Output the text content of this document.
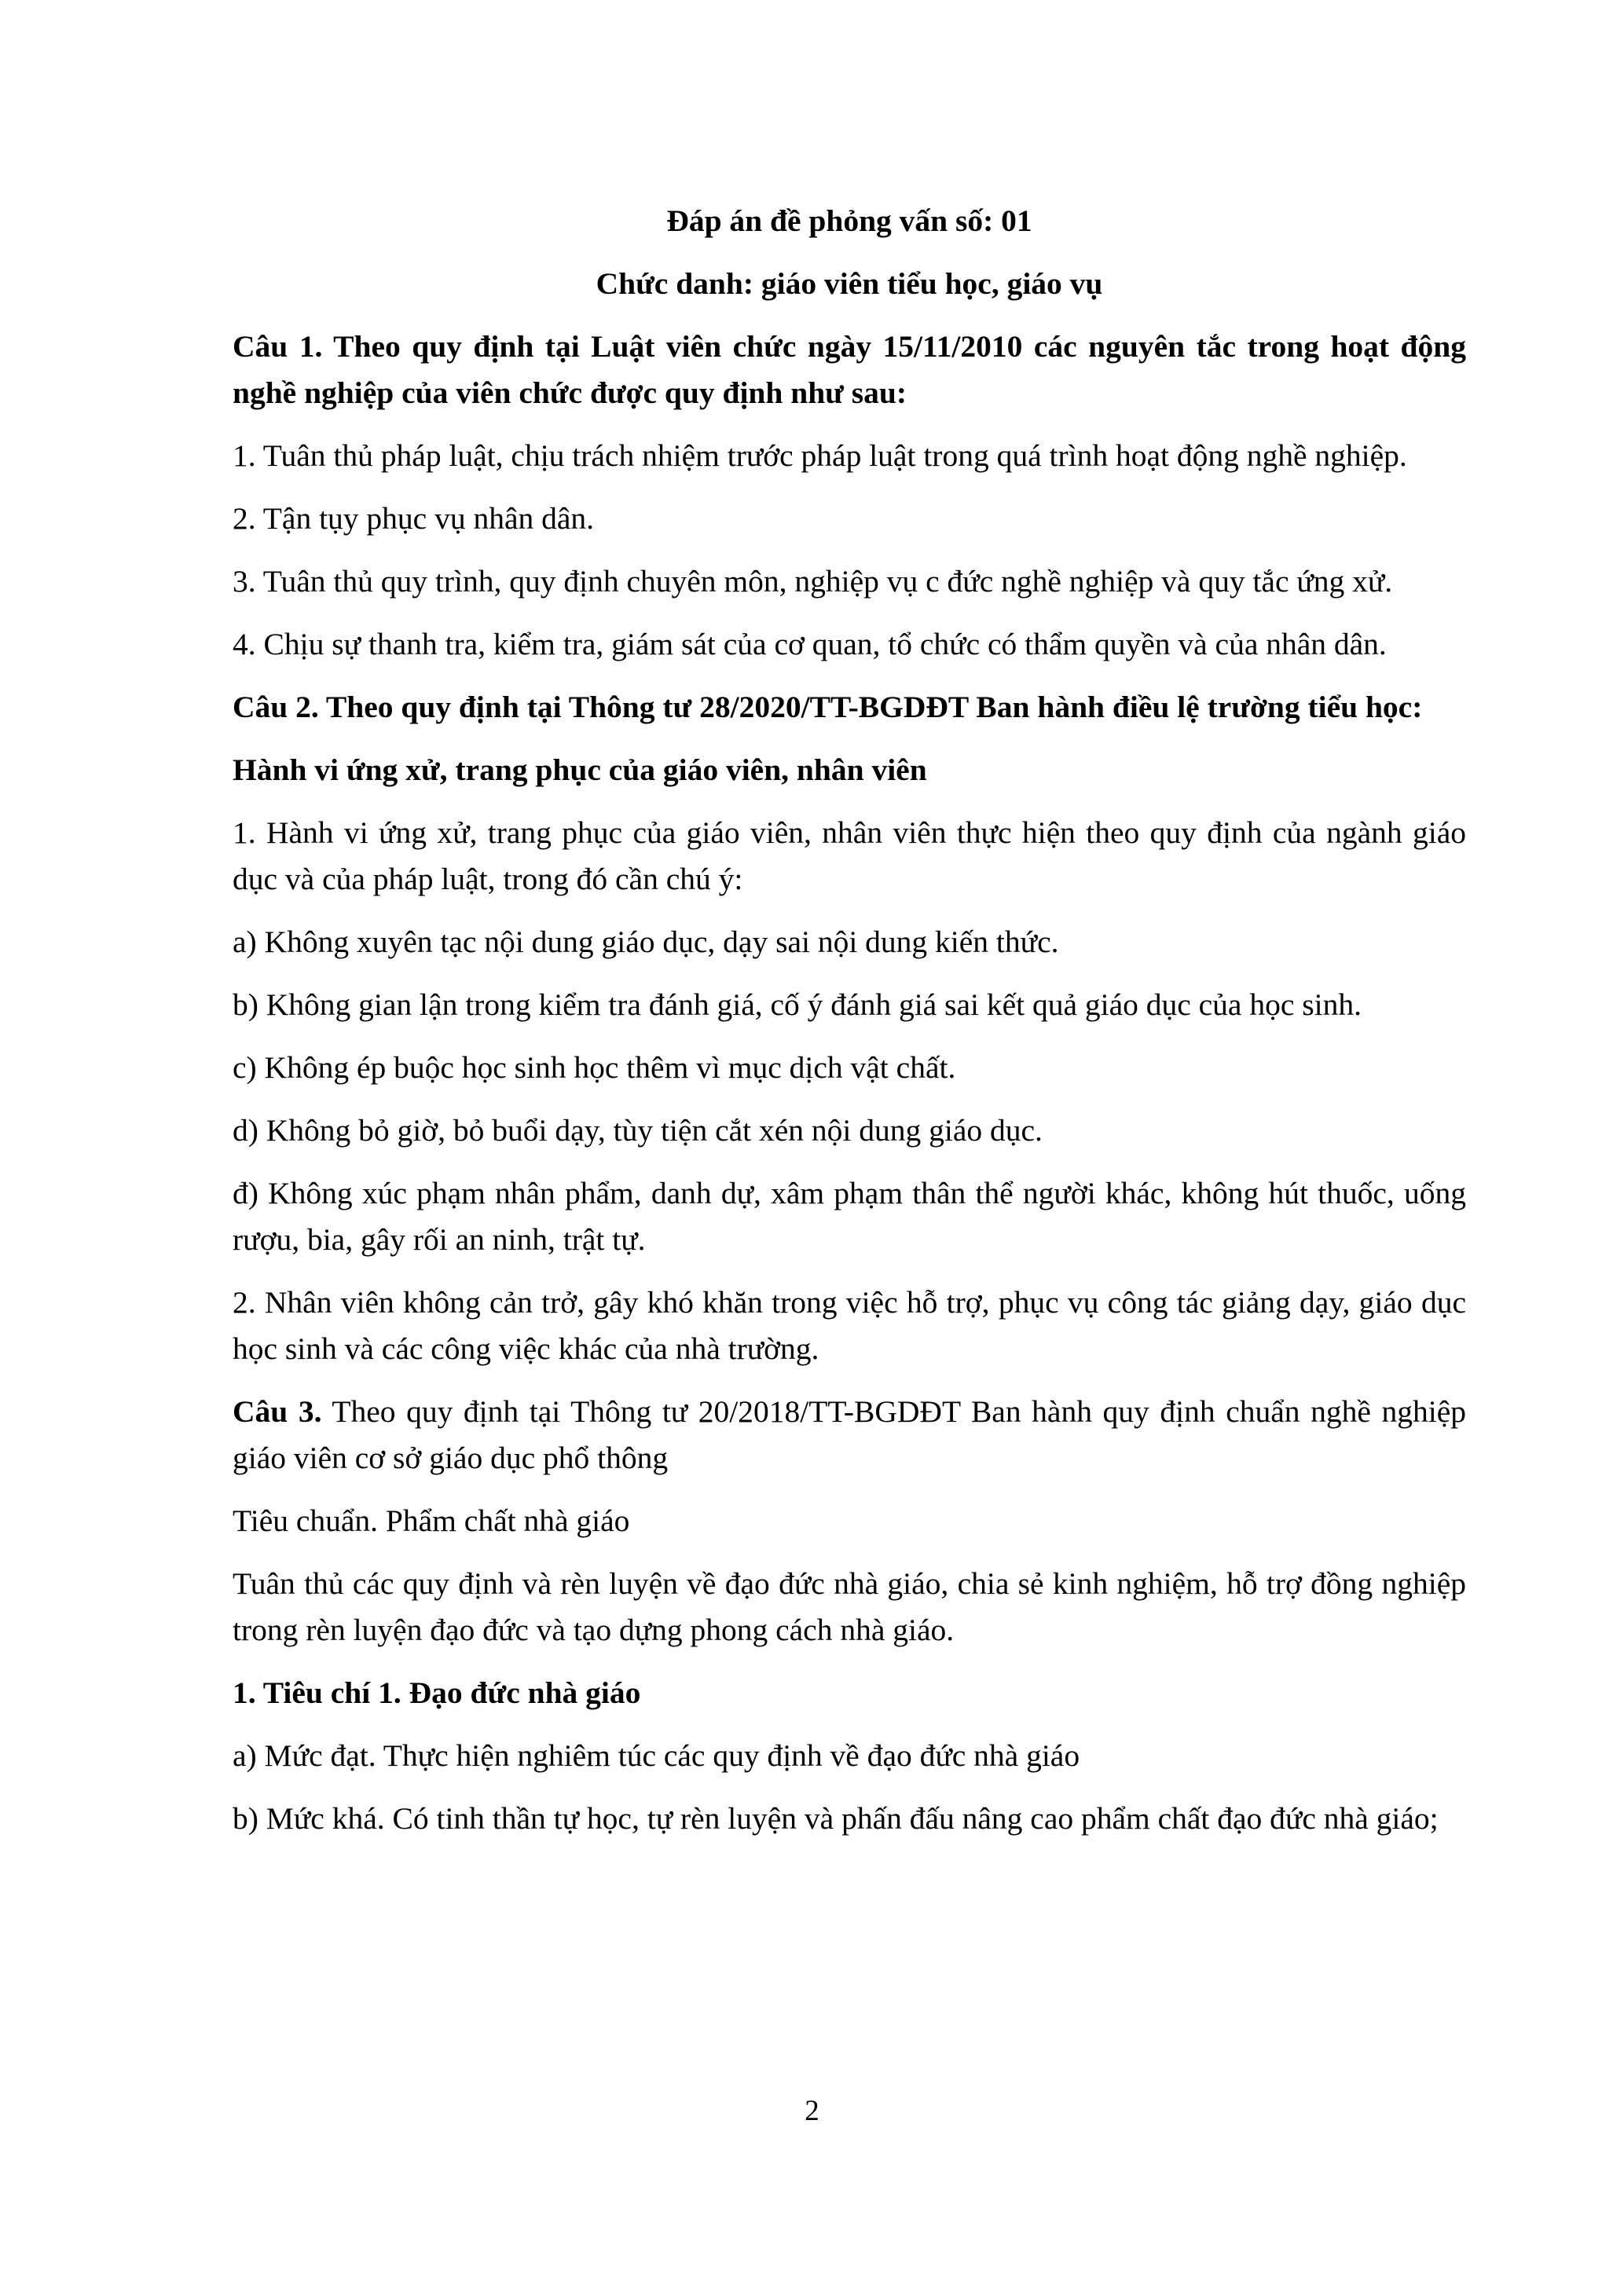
Đáp án đề phỏng vấn số: 01
Chức danh: giáo viên tiểu học, giáo vụ
Câu 1. Theo quy định tại Luật viên chức ngày 15/11/2010 các nguyên tắc trong hoạt động nghề nghiệp của viên chức được quy định như sau:
1. Tuân thủ pháp luật, chịu trách nhiệm trước pháp luật trong quá trình hoạt động nghề nghiệp.
2. Tận tụy phục vụ nhân dân.
3. Tuân thủ quy trình, quy định chuyên môn, nghiệp vụ c đức nghề nghiệp và quy tắc ứng xử.
4. Chịu sự thanh tra, kiểm tra, giám sát của cơ quan, tổ chức có thẩm quyền và của nhân dân.
Câu 2. Theo quy định tại Thông tư 28/2020/TT-BGDĐT Ban hành điều lệ trường tiểu học:
Hành vi ứng xử, trang phục của giáo viên, nhân viên
1. Hành vi ứng xử, trang phục của giáo viên, nhân viên thực hiện theo quy định của ngành giáo dục và của pháp luật, trong đó cần chú ý:
a) Không xuyên tạc nội dung giáo dục, dạy sai nội dung kiến thức.
b) Không gian lận trong kiểm tra đánh giá, cố ý đánh giá sai kết quả giáo dục của học sinh.
c) Không ép buộc học sinh học thêm vì mục dịch vật chất.
d) Không bỏ giờ, bỏ buổi dạy, tùy tiện cắt xén nội dung giáo dục.
đ) Không xúc phạm nhân phẩm, danh dự, xâm phạm thân thể người khác, không hút thuốc, uống rượu, bia, gây rối an ninh, trật tự.
2. Nhân viên không cản trở, gây khó khăn trong việc hỗ trợ, phục vụ công tác giảng dạy, giáo dục học sinh và các công việc khác của nhà trường.
Câu 3. Theo quy định tại Thông tư 20/2018/TT-BGDĐT Ban hành quy định chuẩn nghề nghiệp giáo viên cơ sở giáo dục phổ thông
Tiêu chuẩn. Phẩm chất nhà giáo
Tuân thủ các quy định và rèn luyện về đạo đức nhà giáo, chia sẻ kinh nghiệm, hỗ trợ đồng nghiệp trong rèn luyện đạo đức và tạo dựng phong cách nhà giáo.
1. Tiêu chí 1. Đạo đức nhà giáo
a) Mức đạt. Thực hiện nghiêm túc các quy định về đạo đức nhà giáo
b) Mức khá. Có tinh thần tự học, tự rèn luyện và phấn đấu nâng cao phẩm chất đạo đức nhà giáo;
2
